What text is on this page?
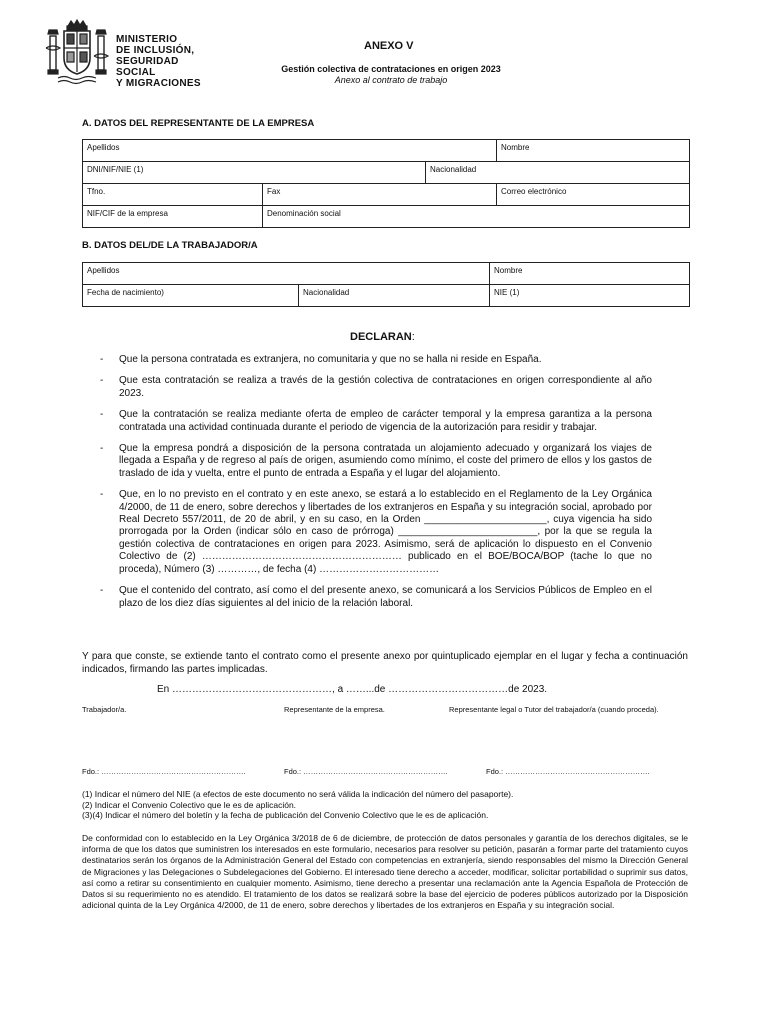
MINISTERIO
DE INCLUSIÓN,
SEGURIDAD
SOCIAL
Y MIGRACIONES
ANEXO V
Gestión colectiva de contrataciones en origen 2023
Anexo al contrato de trabajo
A. DATOS DEL REPRESENTANTE DE LA EMPRESA
Apellidos			Nombre
DNI/NIF/NIE (1)		Nacionalidad	
Tfno.	Fax		Correo electrónico
NIF/CIF de la empresa	Denominación social		
B. DATOS DEL/DE LA TRABAJADOR/A
Apellidos		Nombre
Fecha de nacimiento)	Nacionalidad	NIE (1)
DECLARAN:
- Que la persona contratada es extranjera, no comunitaria y que no se halla ni reside en España.
- Que esta contratación se realiza a través de la gestión colectiva de contrataciones en origen correspondiente al año 2023.
- Que la contratación se realiza mediante oferta de empleo de carácter temporal y la empresa garantiza a la persona contratada una actividad continuada durante el periodo de vigencia de la autorización para residir y trabajar.
- Que la empresa pondrá a disposición de la persona contratada un alojamiento adecuado y organizará los viajes de llegada a España y de regreso al país de origen, asumiendo como mínimo, el coste del primero de ellos y los gastos de traslado de ida y vuelta, entre el punto de entrada a España y el lugar del alojamiento.
- Que, en lo no previsto en el contrato y en este anexo, se estará a lo establecido en el Reglamento de la Ley Orgánica 4/2000, de 11 de enero, sobre derechos y libertades de los extranjeros en España y su integración social, aprobado por Real Decreto 557/2011, de 20 de abril, y en su caso, en la Orden ______________________, cuya vigencia ha sido prorrogada por la Orden (indicar sólo en caso de prórroga) _________________________, por la que se regula la gestión colectiva de contrataciones en origen para 2023. Asimismo, será de aplicación lo dispuesto en el Convenio Colectivo de (2) …………………………………………………… publicado en el BOE/BOCA/BOP (tache lo que no proceda), Número (3) …………, de fecha (4) ………………………………
- Que el contenido del contrato, así como el del presente anexo, se comunicará a los Servicios Públicos de Empleo en el plazo de los diez días siguientes al del inicio de la relación laboral.
Y para que conste, se extiende tanto el contrato como el presente anexo por quintuplicado ejemplar en el lugar y fecha a continuación indicados, firmando las partes implicadas.
En …………………………………………, a ……...de ………………………………de 2023.
Trabajador/a.	Representante de la empresa.	Representante legal o Tutor del trabajador/a (cuando proceda).
Fdo.: ………………………………………………….	Fdo.: ………………………………………………….	Fdo.: ………………………………………………….
(1) Indicar el número del NIE (a efectos de este documento no será válida la indicación del número del pasaporte).
(2) Indicar el Convenio Colectivo que le es de aplicación.
(3)(4) Indicar el número del boletín y la fecha de publicación del Convenio Colectivo que le es de aplicación.
De conformidad con lo establecido en la Ley Orgánica 3/2018 de 6 de diciembre, de protección de datos personales y garantía de los derechos digitales, se le informa de que los datos que suministren los interesados en este formulario, necesarios para resolver su petición, pasarán a formar parte del tratamiento cuyos destinatarios serán los órganos de la Administración General del Estado con competencias en extranjería, siendo responsables del mismo la Dirección General de Migraciones y las Delegaciones o Subdelegaciones del Gobierno. El interesado tiene derecho a acceder, modificar, solicitar portabilidad o suprimir sus datos, así como a retirar su consentimiento en cualquier momento. Asimismo, tiene derecho a presentar una reclamación ante la Agencia Española de Protección de Datos si su requerimiento no es atendido. El tratamiento de los datos se realizará sobre la base del ejercicio de poderes públicos autorizado por la Disposición adicional quinta de la Ley Orgánica 4/2000, de 11 de enero, sobre derechos y libertades de los extranjeros en España y su integración social.
